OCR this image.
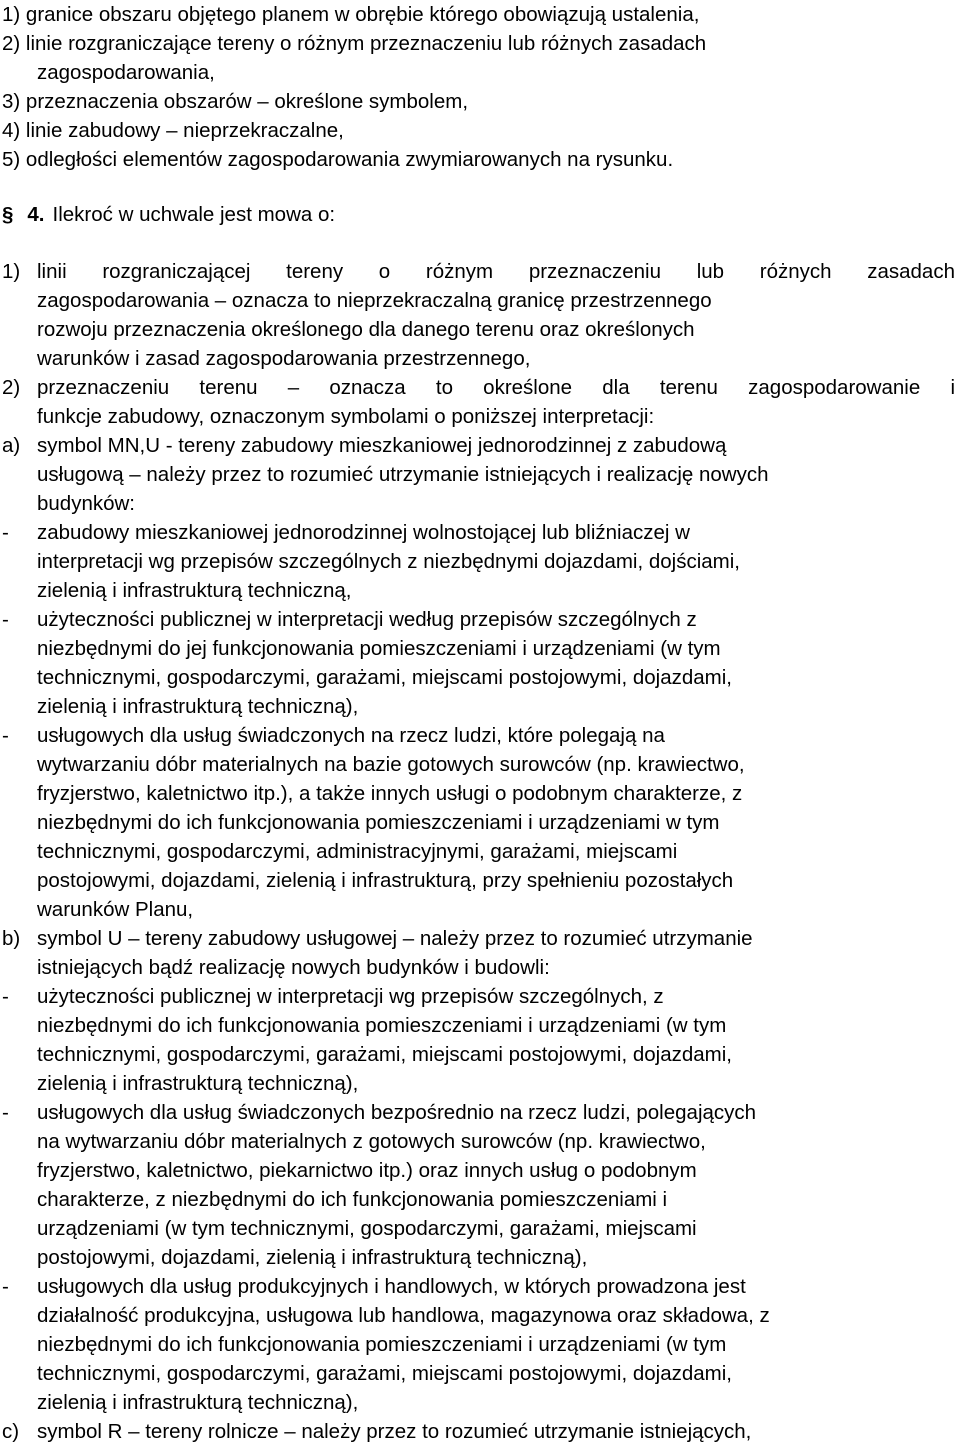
1) granice obszaru objętego planem w obrębie którego obowiązują ustalenia,
2) linie rozgraniczające tereny o różnym przeznaczeniu lub różnych zasadach
zagospodarowania,
3) przeznaczenia obszarów – określone symbolem,
4) linie zabudowy – nieprzekraczalne,
5) odległości elementów zagospodarowania zwymiarowanych na rysunku.
§ 4. Ilekroć w uchwale jest mowa o:
1) linii rozgraniczającej tereny o różnym przeznaczeniu lub różnych zasadach
zagospodarowania – oznacza to nieprzekraczalną granicę przestrzennego
rozwoju przeznaczenia określonego dla danego terenu oraz określonych
warunków i zasad zagospodarowania przestrzennego,
2) przeznaczeniu terenu – oznacza to określone dla terenu zagospodarowanie i
funkcje zabudowy, oznaczonym symbolami o poniższej interpretacji:
a) symbol MN,U - tereny zabudowy mieszkaniowej jednorodzinnej z zabudową
usługową – należy przez to rozumieć utrzymanie istniejących i realizację nowych
budynków:
- zabudowy mieszkaniowej jednorodzinnej wolnostojącej lub bliźniaczej w
interpretacji wg przepisów szczególnych z niezbędnymi dojazdami, dojściami,
zielenią i infrastrukturą techniczną,
- użyteczności publicznej w interpretacji według przepisów szczególnych z
niezbędnymi do jej funkcjonowania pomieszczeniami i urządzeniami (w tym
technicznymi, gospodarczymi, garażami, miejscami postojowymi, dojazdami,
zielenią i infrastrukturą techniczną),
- usługowych dla usług świadczonych na rzecz ludzi, które polegają na
wytwarzaniu dóbr materialnych na bazie gotowych surowców (np. krawiectwo,
fryzjerstwo, kaletnictwo itp.), a także innych usługi o podobnym charakterze, z
niezbędnymi do ich funkcjonowania pomieszczeniami i urządzeniami w tym
technicznymi, gospodarczymi, administracyjnymi, garażami, miejscami
postojowymi, dojazdami, zielenią i infrastrukturą, przy spełnieniu pozostałych
warunków Planu,
b) symbol U – tereny zabudowy usługowej – należy przez to rozumieć utrzymanie
istniejących bądź realizację nowych budynków i budowli:
- użyteczności publicznej w interpretacji wg przepisów szczególnych, z
niezbędnymi do ich funkcjonowania pomieszczeniami i urządzeniami (w tym
technicznymi, gospodarczymi, garażami, miejscami postojowymi, dojazdami,
zielenią i infrastrukturą techniczną),
- usługowych dla usług świadczonych bezpośrednio na rzecz ludzi, polegających
na wytwarzaniu dóbr materialnych z gotowych surowców (np. krawiectwo,
fryzjerstwo, kaletnictwo, piekarnictwo itp.) oraz innych usług o podobnym
charakterze, z niezbędnymi do ich funkcjonowania pomieszczeniami i
urządzeniami (w tym technicznymi, gospodarczymi, garażami, miejscami
postojowymi, dojazdami, zielenią i infrastrukturą techniczną),
- usługowych dla usług produkcyjnych i handlowych, w których prowadzona jest
działalność produkcyjna, usługowa lub handlowa, magazynowa oraz składowa, z
niezbędnymi do ich funkcjonowania pomieszczeniami i urządzeniami (w tym
technicznymi, gospodarczymi, garażami, miejscami postojowymi, dojazdami,
zielenią i infrastrukturą techniczną),
c) symbol R – tereny rolnicze – należy przez to rozumieć utrzymanie istniejących,
